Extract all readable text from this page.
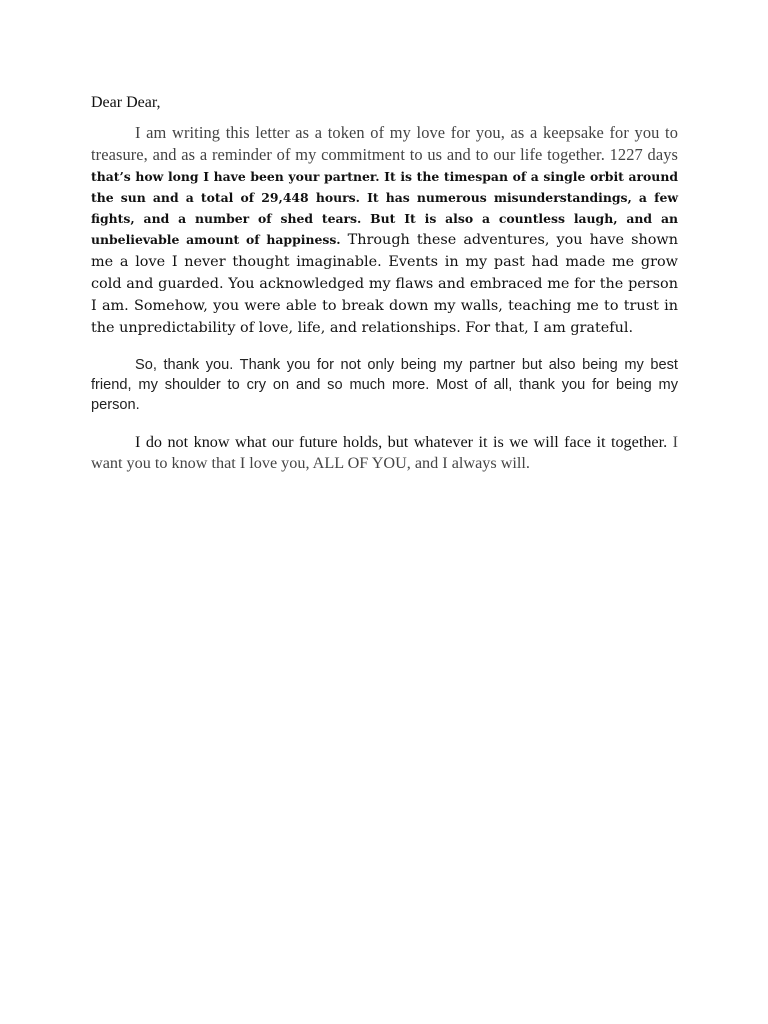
Dear Dear,

I am writing this letter as a token of my love for you, as a keepsake for you to treasure, and as a reminder of my commitment to us and to our life together. 1227 days that’s how long I have been your partner. It is the timespan of a single orbit around the sun and a total of 29,448 hours. It has numerous misunderstandings, a few fights, and a number of shed tears. But It is also a countless laugh, and an unbelievable amount of happiness. Through these adventures, you have shown me a love I never thought imaginable. Events in my past had made me grow cold and guarded. You acknowledged my flaws and embraced me for the person I am. Somehow, you were able to break down my walls, teaching me to trust in the unpredictability of love, life, and relationships. For that, I am grateful.

So, thank you. Thank you for not only being my partner but also being my best friend, my shoulder to cry on and so much more. Most of all, thank you for being my person.

I do not know what our future holds, but whatever it is we will face it together. I want you to know that I love you, ALL OF YOU, and I always will.
